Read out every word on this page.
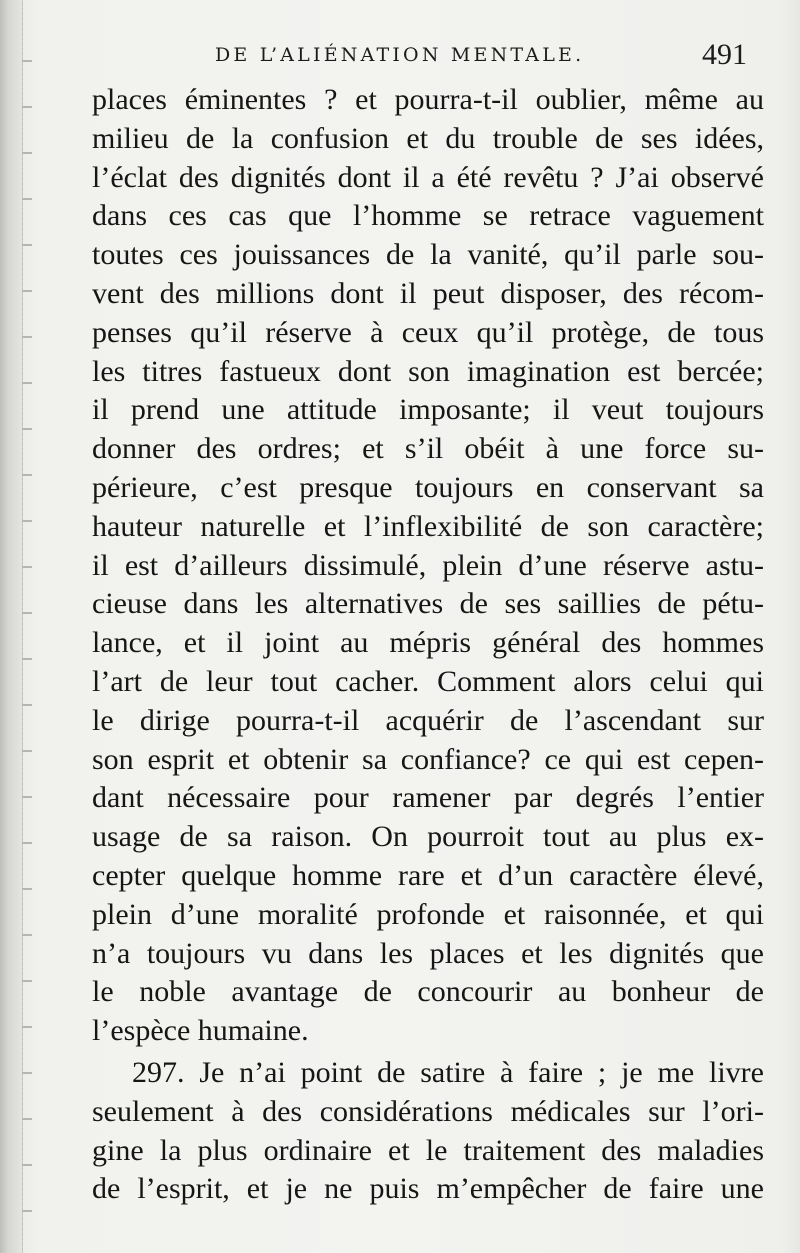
DE L’ALIÉNATION MENTALE.	491
places éminentes ? et pourra-t-il oublier, même au
milieu de la confusion et du trouble de ses idées,
l’éclat des dignités dont il a été revêtu ? J’ai observé
dans ces cas que l’homme se retrace vaguement
toutes ces jouissances de la vanité, qu’il parle sou-
vent des millions dont il peut disposer, des récom-
penses qu’il réserve à ceux qu’il protège, de tous
les titres fastueux dont son imagination est bercée;
il prend une attitude imposante; il veut toujours
donner des ordres; et s’il obéit à une force su-
périeure, c’est presque toujours en conservant sa
hauteur naturelle et l’inflexibilité de son caractère;
il est d’ailleurs dissimulé, plein d’une réserve astu-
cieuse dans les alternatives de ses saillies de pétu-
lance, et il joint au mépris général des hommes
l’art de leur tout cacher. Comment alors celui qui
le dirige pourra-t-il acquérir de l’ascendant sur
son esprit et obtenir sa confiance? ce qui est cepen-
dant nécessaire pour ramener par degrés l’entier
usage de sa raison. On pourroit tout au plus ex-
cepter quelque homme rare et d’un caractère élevé,
plein d’une moralité profonde et raisonnée, et qui
n’a toujours vu dans les places et les dignités que
le noble avantage de concourir au bonheur de
l’espèce humaine.
297. Je n’ai point de satire à faire ; je me livre
seulement à des considérations médicales sur l’ori-
gine la plus ordinaire et le traitement des maladies
de l’esprit, et je ne puis m’empêcher de faire une
